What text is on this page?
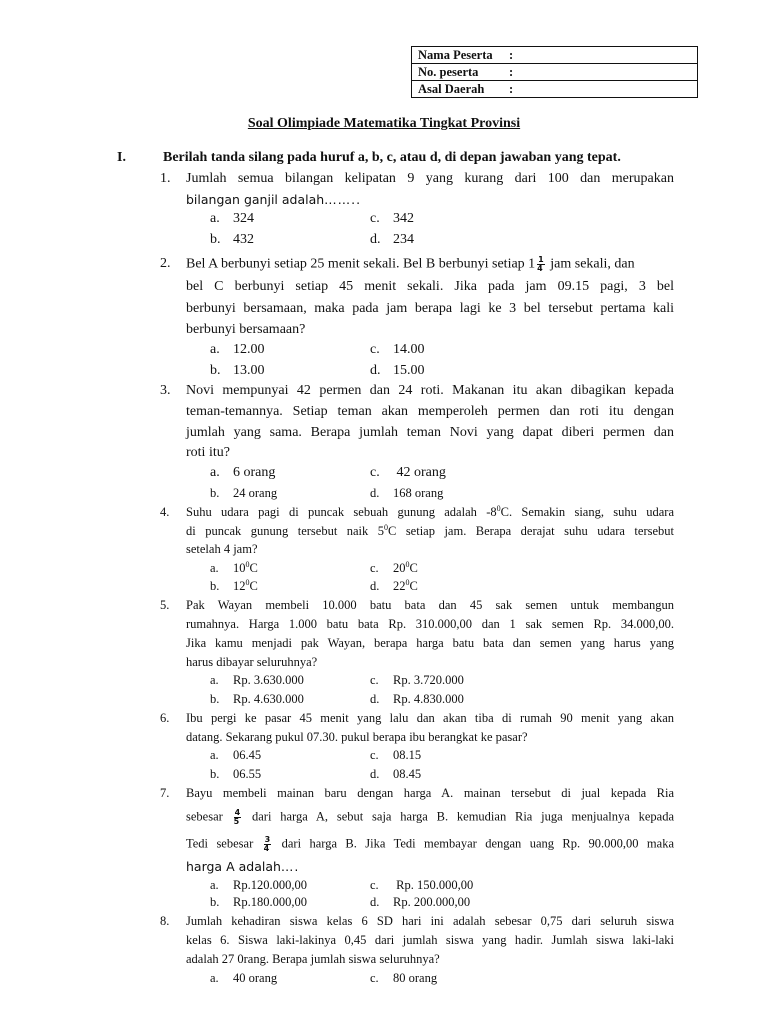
Nama Peserta :
No. peserta :
Asal Daerah :
Soal Olimpiade Matematika Tingkat Provinsi
I.	Berilah tanda silang pada huruf a, b, c, atau d, di depan jawaban yang tepat.
1. Jumlah semua bilangan kelipatan 9 yang kurang dari 100 dan merupakan
bilangan ganjil adalah……..
a. 324	c. 342
b. 432	d. 234
2. Bel A berbunyi setiap 25 menit sekali. Bel B berbunyi setiap $1 \frac{1}{4}$ jam sekali, dan
bel C berbunyi setiap 45 menit sekali. Jika pada jam 09.15 pagi, 3 bel
berbunyi bersamaan, maka pada jam berapa lagi ke 3 bel tersebut pertama kali
berbunyi bersamaan?
a. 12.00	c. 14.00
b. 13.00	d. 15.00
3. Novi mempunyai 42 permen dan 24 roti. Makanan itu akan dibagikan kepada
teman-temannya. Setiap teman akan memperoleh permen dan roti itu dengan
jumlah yang sama. Berapa jumlah teman Novi yang dapat diberi permen dan
roti itu?
a. 6 orang	c. 42 orang
b. 24 orang	d. 168 orang
4. Suhu udara pagi di puncak sebuah gunung adalah $-8^0C$. Semakin siang, suhu udara
di puncak gunung tersebut naik $5^0C$ setiap jam. Berapa derajat suhu udara tersebut
setelah 4 jam?
a. $10^0C$	c. $20^0C$
b. $12^0C$	d. $22^0C$
5. Pak Wayan membeli 10.000 batu bata dan 45 sak semen untuk membangun
rumahnya. Harga 1.000 batu bata Rp. 310.000,00 dan 1 sak semen Rp. 34.000,00.
Jika kamu menjadi pak Wayan, berapa harga batu bata dan semen yang harus yang
harus dibayar seluruhnya?
a. Rp. 3.630.000	c. Rp. 3.720.000
b. Rp. 4.630.000	d. Rp. 4.830.000
6. Ibu pergi ke pasar 45 menit yang lalu dan akan tiba di rumah 90 menit yang akan
datang. Sekarang pukul 07.30. pukul berapa ibu berangkat ke pasar?
a. 06.45	c. 08.15
b. 06.55	d. 08.45
7. Bayu membeli mainan baru dengan harga A. mainan tersebut di jual kepada Ria
sebesar $\frac{4}{5}$ dari harga A, sebut saja harga B. kemudian Ria juga menjualnya kepada
Tedi sebesar $\frac{3}{4}$ dari harga B. Jika Tedi membayar dengan uang Rp. 90.000,00 maka
harga A adalah….
a. Rp.120.000,00	c. Rp. 150.000,00
b. Rp.180.000,00	d. Rp. 200.000,00
8. Jumlah kehadiran siswa kelas 6 SD hari ini adalah sebesar 0,75 dari seluruh siswa
kelas 6. Siswa laki-lakinya 0,45 dari jumlah siswa yang hadir. Jumlah siswa laki-laki
adalah 27 0rang. Berapa jumlah siswa seluruhnya?
a. 40 orang	c. 80 orang
